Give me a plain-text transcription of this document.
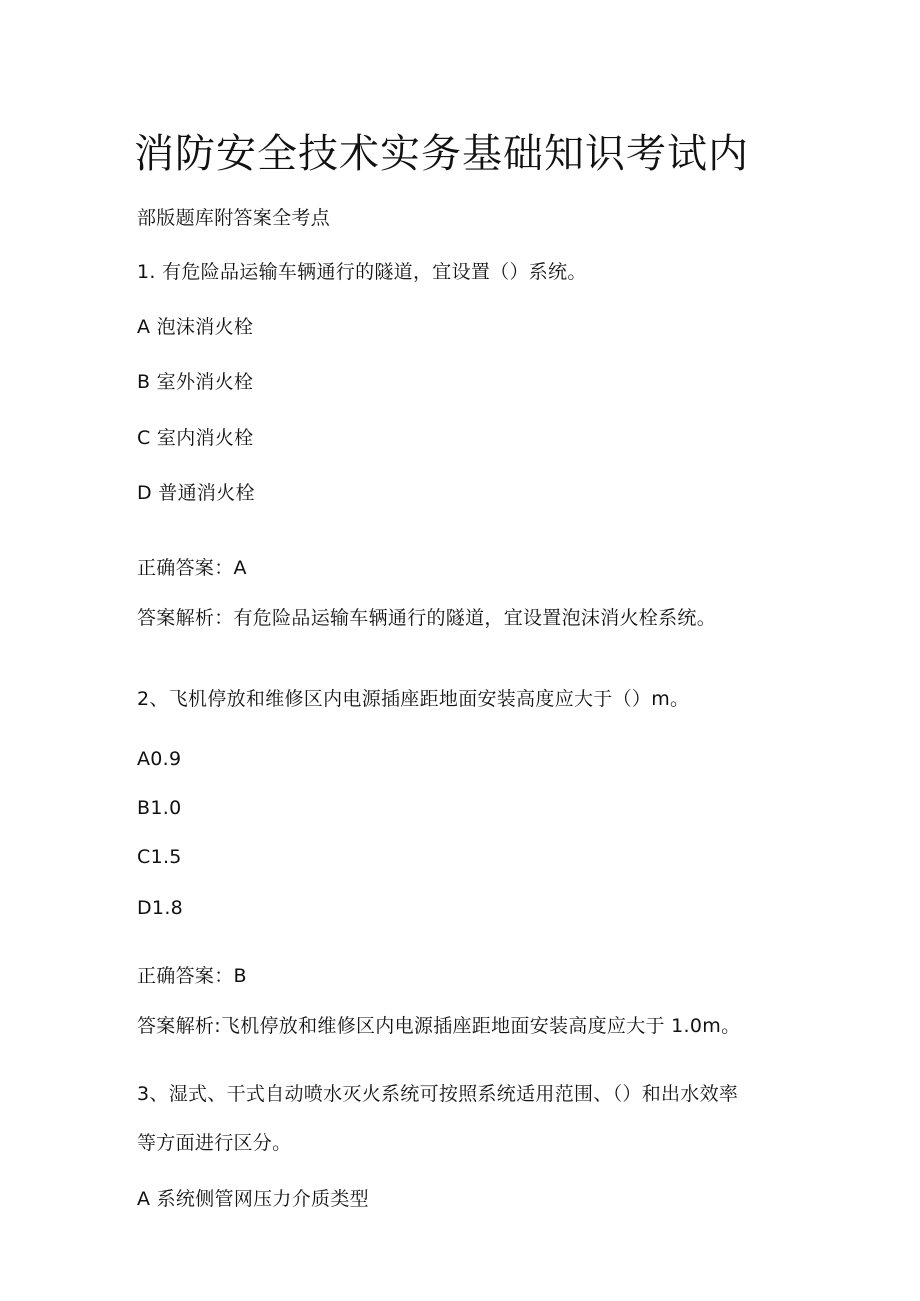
消防安全技术实务基础知识考试内
部版题库附答案全考点
1. 有危险品运输车辆通行的隧道，宜设置（）系统。
A 泡沫消火栓
B 室外消火栓
C 室内消火栓
D 普通消火栓
正确答案：A
答案解析：有危险品运输车辆通行的隧道，宜设置泡沫消火栓系统。
2、飞机停放和维修区内电源插座距地面安装高度应大于（）m。
A0.9
B1.0
C1.5
D1.8
正确答案：B
答案解析:飞机停放和维修区内电源插座距地面安装高度应大于 1.0m。
3、湿式、干式自动喷水灭火系统可按照系统适用范围、（）和出水效率
等方面进行区分。
A 系统侧管网压力介质类型
